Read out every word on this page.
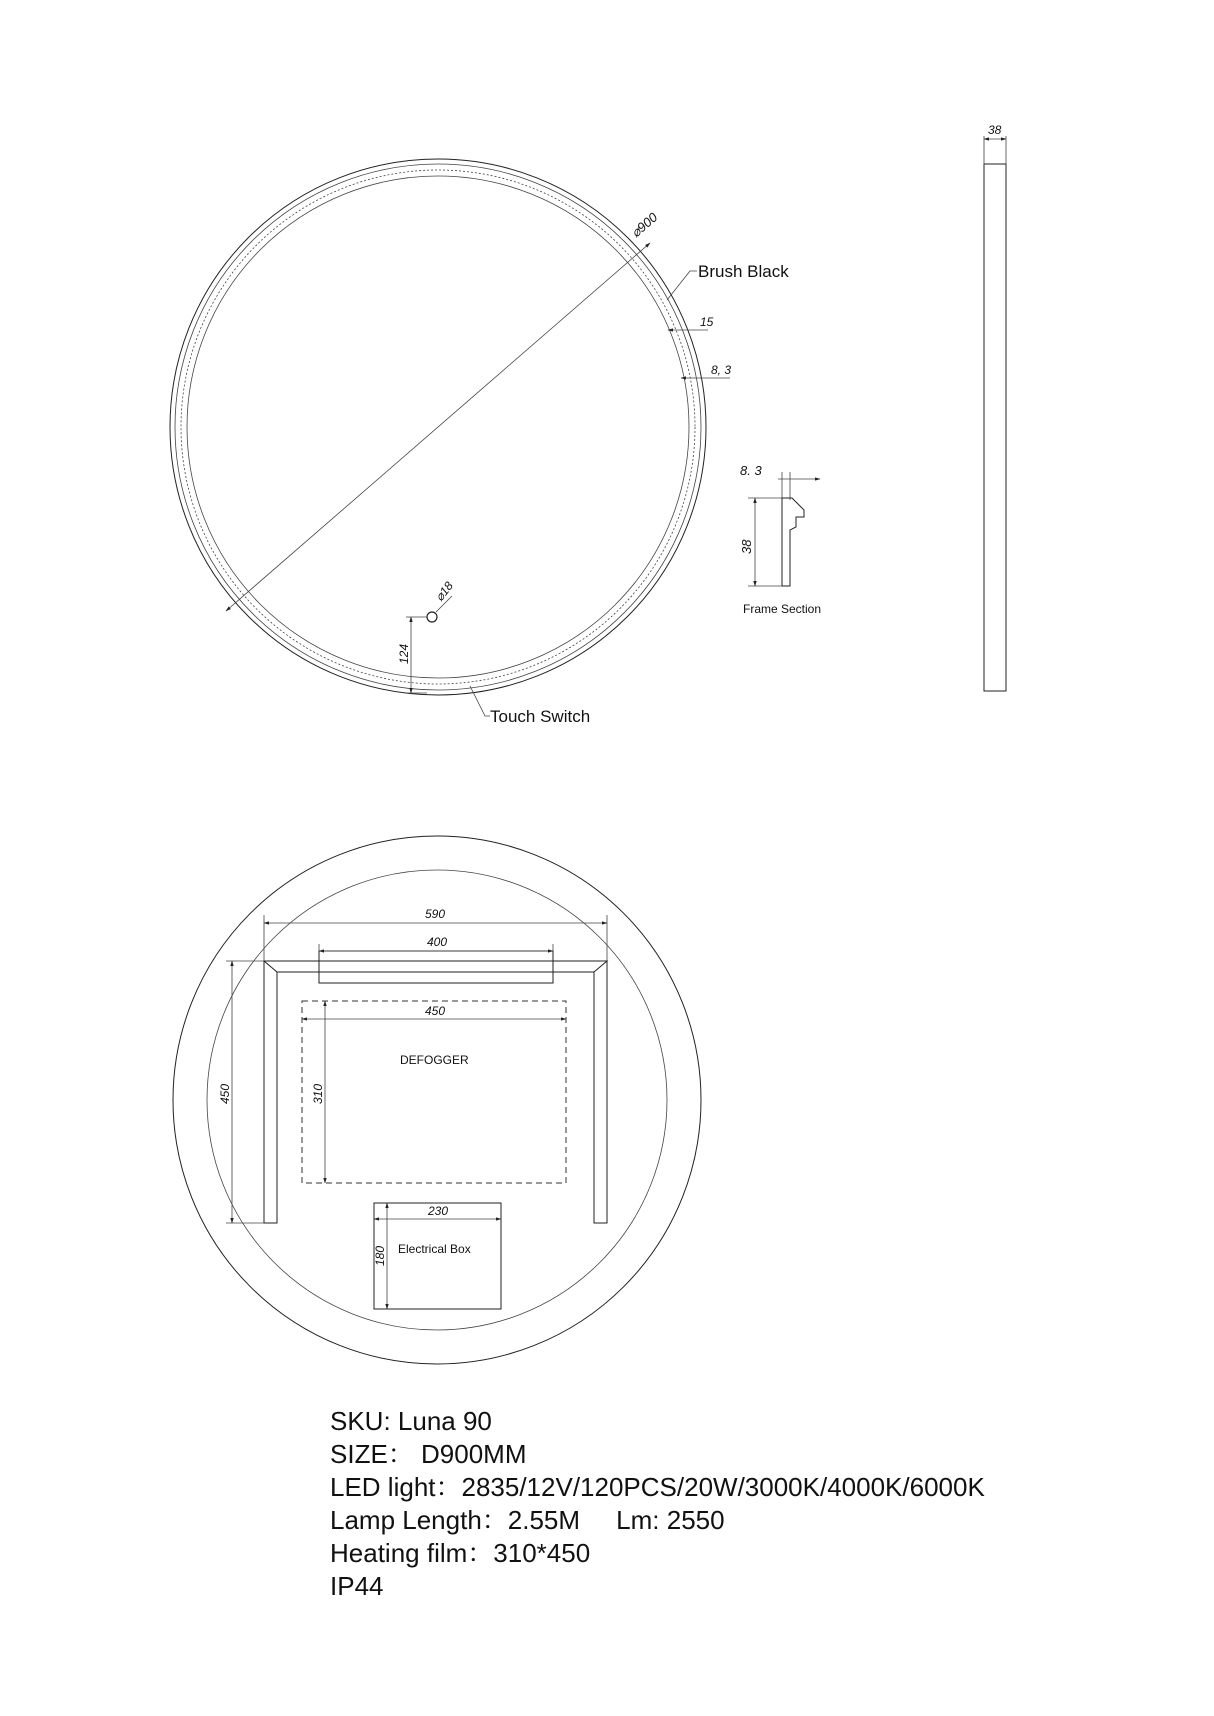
⌀900
Brush Black
15
8, 3
⌀18
124
Touch Switch
8. 3
38
Frame Section
38
590
400
450
450
310
DEFOGGER
230
180 Electrical Box
SKU: Luna 90
SIZE： D900MM
LED light：2835/12V/120PCS/20W/3000K/4000K/6000K
Lamp Length：2.55M     Lm: 2550
Heating film：310*450
IP44
